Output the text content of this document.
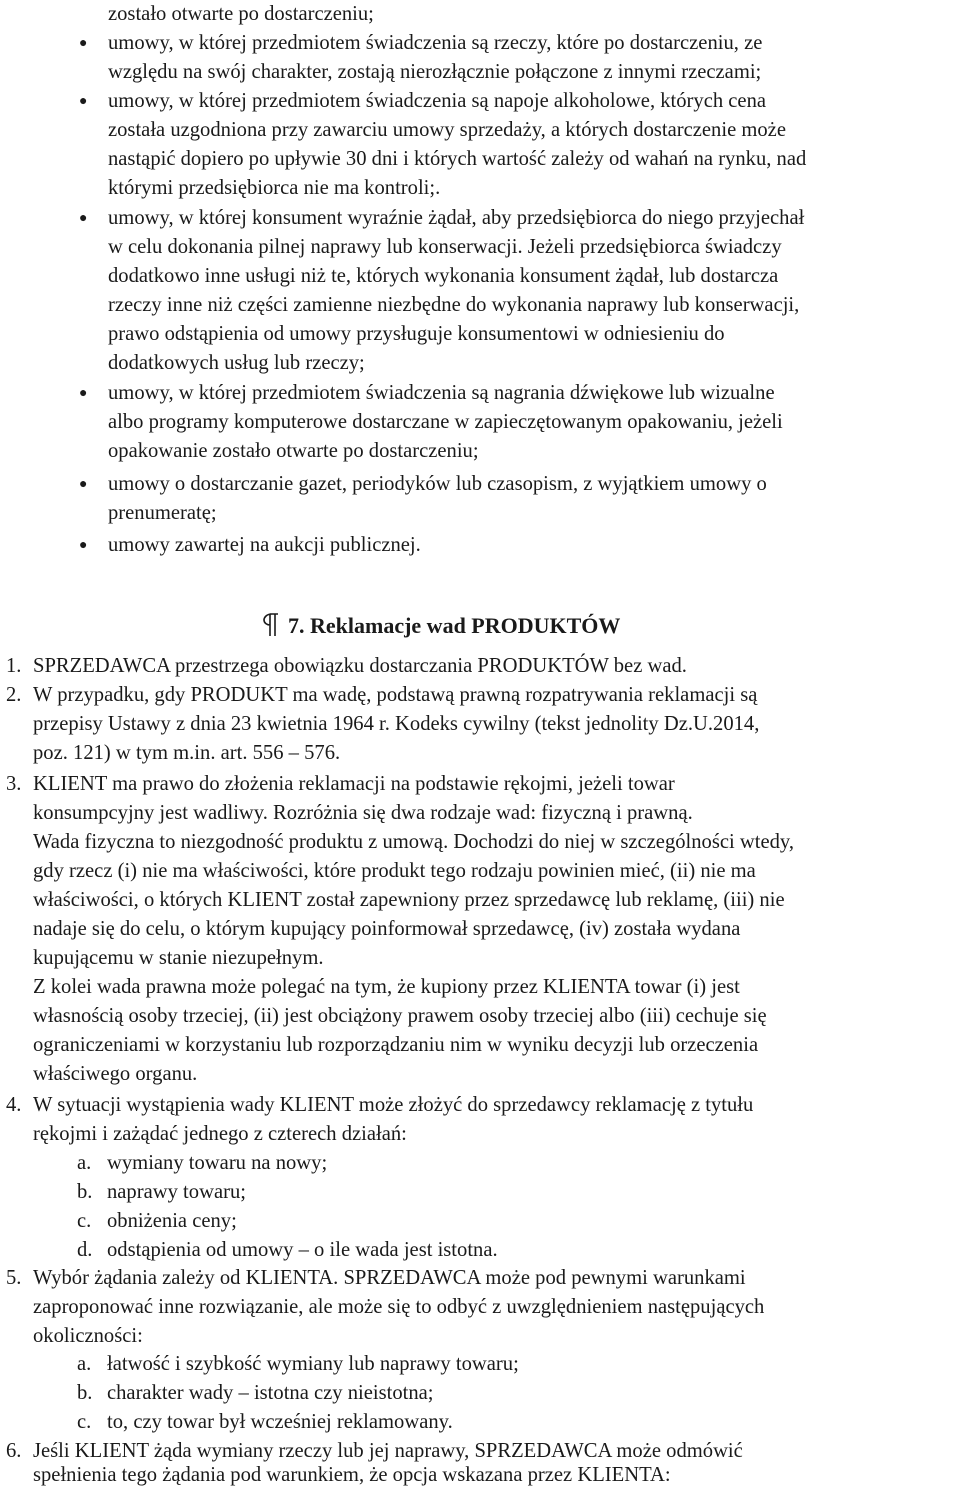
zostało otwarte po dostarczeniu;
● umowy, w której przedmiotem świadczenia są rzeczy, które po dostarczeniu, ze
względu na swój charakter, zostają nierozłącznie połączone z innymi rzeczami;
● umowy, w której przedmiotem świadczenia są napoje alkoholowe, których cena
została uzgodniona przy zawarciu umowy sprzedaży, a których dostarczenie może
nastąpić dopiero po upływie 30 dni i których wartość zależy od wahań na rynku, nad
którymi przedsiębiorca nie ma kontroli;.
● umowy, w której konsument wyraźnie żądał, aby przedsiębiorca do niego przyjechał
w celu dokonania pilnej naprawy lub konserwacji. Jeżeli przedsiębiorca świadczy
dodatkowo inne usługi niż te, których wykonania konsument żądał, lub dostarcza
rzeczy inne niż części zamienne niezbędne do wykonania naprawy lub konserwacji,
prawo odstąpienia od umowy przysługuje konsumentowi w odniesieniu do
dodatkowych usług lub rzeczy;
● umowy, w której przedmiotem świadczenia są nagrania dźwiękowe lub wizualne
albo programy komputerowe dostarczane w zapieczętowanym opakowaniu, jeżeli
opakowanie zostało otwarte po dostarczeniu;
● umowy o dostarczanie gazet, periodyków lub czasopism, z wyjątkiem umowy o
prenumeratę;
● umowy zawartej na aukcji publicznej.
7. Reklamacje wad PRODUKTÓW
1. SPRZEDAWCA przestrzega obowiązku dostarczania PRODUKTÓW bez wad.
2. W przypadku, gdy PRODUKT ma wadę, podstawą prawną rozpatrywania reklamacji są
przepisy Ustawy z dnia 23 kwietnia 1964 r. Kodeks cywilny (tekst jednolity Dz.U.2014,
poz. 121) w tym m.in. art. 556 – 576.
3. KLIENT ma prawo do złożenia reklamacji na podstawie rękojmi, jeżeli towar
konsumpcyjny jest wadliwy. Rozróżnia się dwa rodzaje wad: fizyczną i prawną.
Wada fizyczna to niezgodność produktu z umową. Dochodzi do niej w szczególności wtedy,
gdy rzecz (i) nie ma właściwości, które produkt tego rodzaju powinien mieć, (ii) nie ma
właściwości, o których KLIENT został zapewniony przez sprzedawcę lub reklamę, (iii) nie
nadaje się do celu, o którym kupujący poinformował sprzedawcę, (iv) została wydana
kupującemu w stanie niezupełnym.
Z kolei wada prawna może polegać na tym, że kupiony przez KLIENTA towar (i) jest
własnością osoby trzeciej, (ii) jest obciążony prawem osoby trzeciej albo (iii) cechuje się
ograniczeniami w korzystaniu lub rozporządzaniu nim w wyniku decyzji lub orzeczenia
właściwego organu.
4. W sytuacji wystąpienia wady KLIENT może złożyć do sprzedawcy reklamację z tytułu
rękojmi i zażądać jednego z czterech działań:
a. wymiany towaru na nowy;
b. naprawy towaru;
c. obniżenia ceny;
d. odstąpienia od umowy – o ile wada jest istotna.
5. Wybór żądania zależy od KLIENTA. SPRZEDAWCA może pod pewnymi warunkami
zaproponować inne rozwiązanie, ale może się to odbyć z uwzględnieniem następujących
okoliczności:
a. łatwość i szybkość wymiany lub naprawy towaru;
b. charakter wady – istotna czy nieistotna;
c. to, czy towar był wcześniej reklamowany.
6. Jeśli KLIENT żąda wymiany rzeczy lub jej naprawy, SPRZEDAWCA może odmówić
spełnienia tego żądania pod warunkiem, że opcja wskazana przez KLIENTA:
